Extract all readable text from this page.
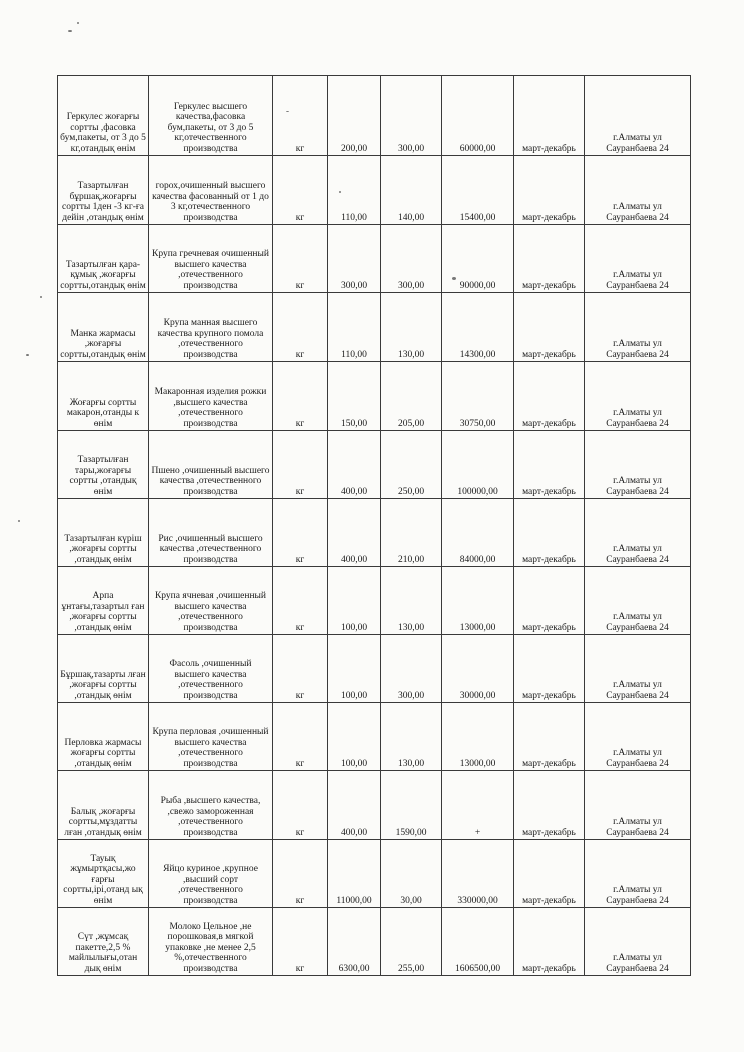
Геркулес жоғарғы сортты ,фасовка бум,пакеты, от 3 до 5 кг,отандық өнім	Геркулес высшего качества,фасовка бум,пакеты, от 3 до 5 кг,отечественного производства	кг	200,00	300,00	60000,00	март-декабрь	г.Алматы ул Сауранбаева 24
Тазартылған бұршақ,жоғарғы сортты 1ден -3 кг-ға дейін ,отандық өнім	горох,очишенный высшего качества фасованный от 1 до 3 кг,отечественного производства	кг	110,00	140,00	15400,00	март-декабрь	г.Алматы ул Сауранбаева 24
Тазартылған қара-құмық ,жоғарғы сортты,отандық өнім	Крупа гречневая очишенный высшего качества ,отечественного производства	кг	300,00	300,00	90000,00	март-декабрь	г.Алматы ул Сауранбаева 24
Манка жармасы ,жоғарғы сортты,отандық өнім	Крупа манная высшего качества крупного помола ,отечественного производства	кг	110,00	130,00	14300,00	март-декабрь	г.Алматы ул Сауранбаева 24
Жоғарғы сортты макарон,отанды к өнім	Макаронная изделия рожки ,высшего качества ,отечественного производства	кг	150,00	205,00	30750,00	март-декабрь	г.Алматы ул Сауранбаева 24
Тазартылған тары,жоғарғы сортты ,отандық өнім	Пшено ,очишенный высшего качества ,отечественного производства	кг	400,00	250,00	100000,00	март-декабрь	г.Алматы ул Сауранбаева 24
Тазартылған күріш ,жоғарғы сортты ,отандық өнім	Рис ,очишенный высшего качества ,отечественного производства	кг	400,00	210,00	84000,00	март-декабрь	г.Алматы ул Сауранбаева 24
Арпа ұнтағы,тазартыл ған ,жоғарғы сортты ,отандық өнім	Крупа ячневая ,очишенный высшего качества ,отечественного производства	кг	100,00	130,00	13000,00	март-декабрь	г.Алматы ул Сауранбаева 24
Бұршақ,тазарты лған ,жоғарғы сортты ,отандық өнім	Фасоль ,очишенный высшего качества ,отечественного производства	кг	100,00	300,00	30000,00	март-декабрь	г.Алматы ул Сауранбаева 24
Перловка жармасы жоғарғы сортты ,отандық өнім	Крупа перловая ,очишенный высшего качества ,отечественного производства	кг	100,00	130,00	13000,00	март-декабрь	г.Алматы ул Сауранбаева 24
Балық ,жоғарғы сортты,мұздатты лған ,отандық өнім	Рыба ,высшего качества, ,свежо замороженная ,отечественного производства	кг	400,00	1590,00	+	март-декабрь	г.Алматы ул Сауранбаева 24
Тауық жұмыртқасы,жо ғарғы сортты,ірі,отанд ық өнім	Яйцо куриное ,крупное ,высший сорт ,отечественного производства	кг	11000,00	30,00	330000,00	март-декабрь	г.Алматы ул Сауранбаева 24
Сүт ,жұмсақ пакетте,2,5 % майлылығы,отан дық өнім	Молоко Цельное ,не порошковая,в мягкой упаковке ,не менее 2,5 %,отечественного производства	кг	6300,00	255,00	1606500,00	март-декабрь	г.Алматы ул Сауранбаева 24
